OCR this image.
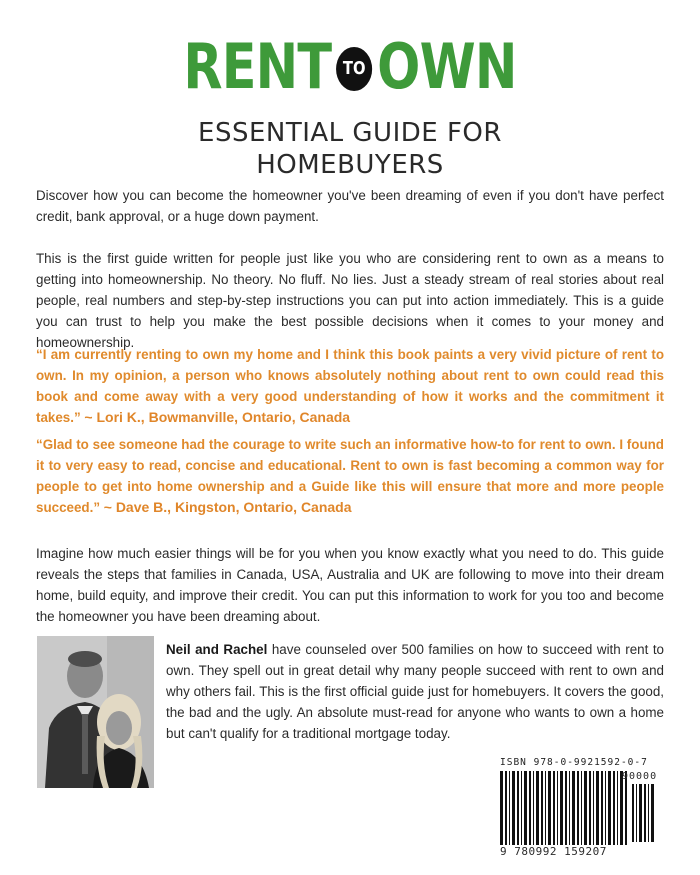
RENT TO OWN
ESSENTIAL GUIDE FOR
HOMEBUYERS

Discover how you can become the homeowner you've been dreaming of even if you don't have perfect credit, bank approval, or a huge down payment.

This is the first guide written for people just like you who are considering rent to own as a means to getting into homeownership. No theory. No fluff. No lies. Just a steady stream of real stories about real people, real numbers and step-by-step instructions you can put into action immediately. This is a guide you can trust to help you make the best possible decisions when it comes to your money and homeownership.

“I am currently renting to own my home and I think this book paints a very vivid picture of rent to own. In my opinion, a person who knows absolutely nothing about rent to own could read this book and come away with a very good understanding of how it works and the commitment it takes.” ~ Lori K., Bowmanville, Ontario, Canada

“Glad to see someone had the courage to write such an informative how-to for rent to own. I found it to very easy to read, concise and educational. Rent to own is fast becoming a common way for people to get into home ownership and a Guide like this will ensure that more and more people succeed.” ~ Dave B., Kingston, Ontario, Canada

Imagine how much easier things will be for you when you know exactly what you need to do. This guide reveals the steps that families in Canada, USA, Australia and UK are following to move into their dream home, build equity, and improve their credit. You can put this information to work for you too and become the homeowner you have been dreaming about.

Neil and Rachel have counseled over 500 families on how to succeed with rent to own. They spell out in great detail why many people succeed with rent to own and why others fail. This is the first official guide just for homebuyers. It covers the good, the bad and the ugly. An absolute must-read for anyone who wants to own a home but can't qualify for a traditional mortgage today.

ISBN 978-0-9921592-0-7
90000
9 780992 159207
